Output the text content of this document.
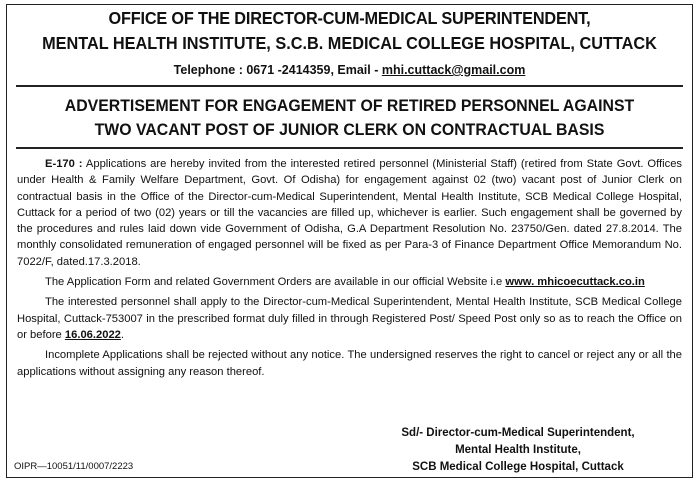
OFFICE OF THE DIRECTOR-CUM-MEDICAL SUPERINTENDENT,
MENTAL HEALTH INSTITUTE, S.C.B. MEDICAL COLLEGE HOSPITAL, CUTTACK
Telephone : 0671 -2414359, Email - mhi.cuttack@gmail.com
ADVERTISEMENT FOR ENGAGEMENT OF RETIRED PERSONNEL AGAINST
TWO VACANT POST OF JUNIOR CLERK ON CONTRACTUAL BASIS

E-170 : Applications are hereby invited from the interested retired personnel (Ministerial Staff) (retired from State Govt. Offices under Health & Family Welfare Department, Govt. Of Odisha) for engagement against 02 (two) vacant post of Junior Clerk on contractual basis in the Office of the Director-cum-Medical Superintendent, Mental Health Institute, SCB Medical College Hospital, Cuttack for a period of two (02) years or till the vacancies are filled up, whichever is earlier. Such engagement shall be governed by the procedures and rules laid down vide Government of Odisha, G.A Department Resolution No. 23750/Gen. dated 27.8.2014. The monthly consolidated remuneration of engaged personnel will be fixed as per Para-3 of Finance Department Office Memorandum No. 7022/F, dated.17.3.2018.

The Application Form and related Government Orders are available in our official Website i.e www. mhicoecuttack.co.in

The interested personnel shall apply to the Director-cum-Medical Superintendent, Mental Health Institute, SCB Medical College Hospital, Cuttack-753007 in the prescribed format duly filled in through Registered Post/ Speed Post only so as to reach the Office on or before 16.06.2022.

Incomplete Applications shall be rejected without any notice. The undersigned reserves the right to cancel or reject any or all the applications without assigning any reason thereof.

Sd/- Director-cum-Medical Superintendent,
Mental Health Institute,
SCB Medical College Hospital, Cuttack
OIPR—10051/11/0007/2223
